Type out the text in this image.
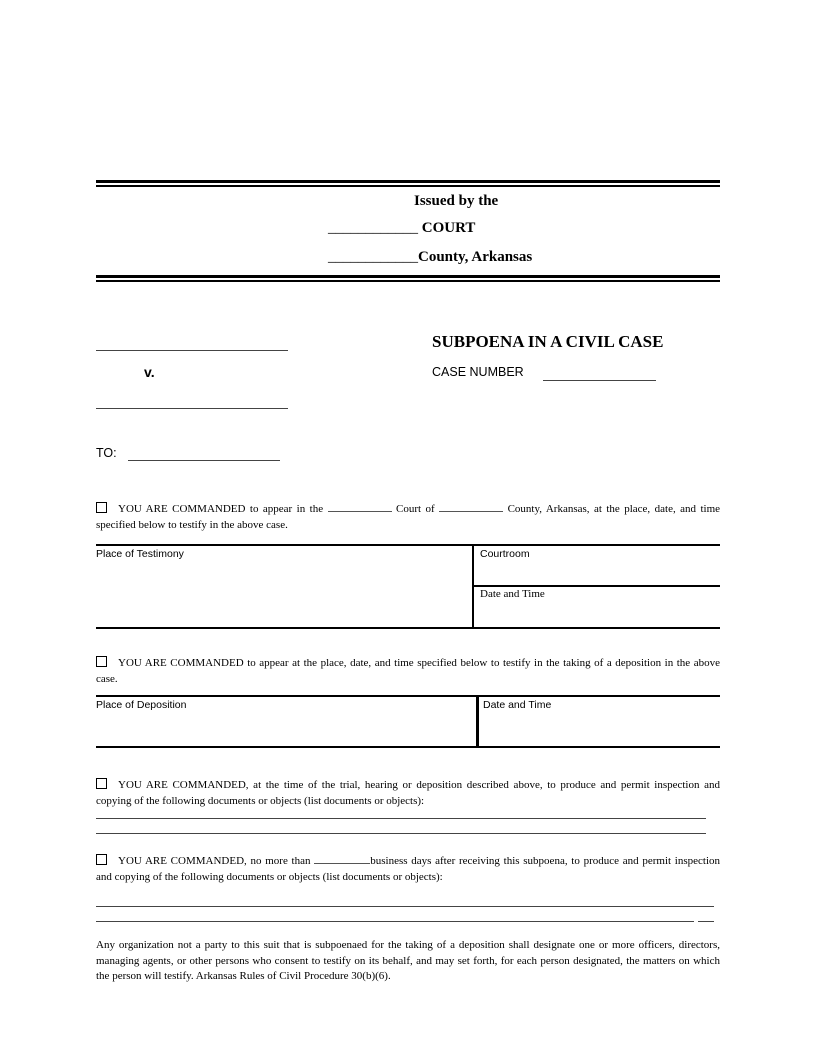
Issued by the
____________ COURT
____________County, Arkansas
v.
SUBPOENA IN A CIVIL CASE
CASE NUMBER
TO:
YOU ARE COMMANDED to appear in the	Court of	County, Arkansas, at the place, date, and time specified below to testify in the above case.
Place of Testimony	Courtroom
Date and Time
YOU ARE COMMANDED to appear at the place, date, and time specified below to testify in the taking of a deposition in the above case.
Place of Deposition	Date and Time
YOU ARE COMMANDED, at the time of the trial, hearing or deposition described above, to produce and permit inspection and copying of the following documents or objects (list documents or objects):
YOU ARE COMMANDED, no more than	business days after receiving this subpoena, to produce and permit inspection and copying of the following documents or objects (list documents or objects):
Any organization not a party to this suit that is subpoenaed for the taking of a deposition shall designate one or more officers, directors, managing agents, or other persons who consent to testify on its behalf, and may set forth, for each person designated, the matters on which the person will testify. Arkansas Rules of Civil Procedure 30(b)(6).
